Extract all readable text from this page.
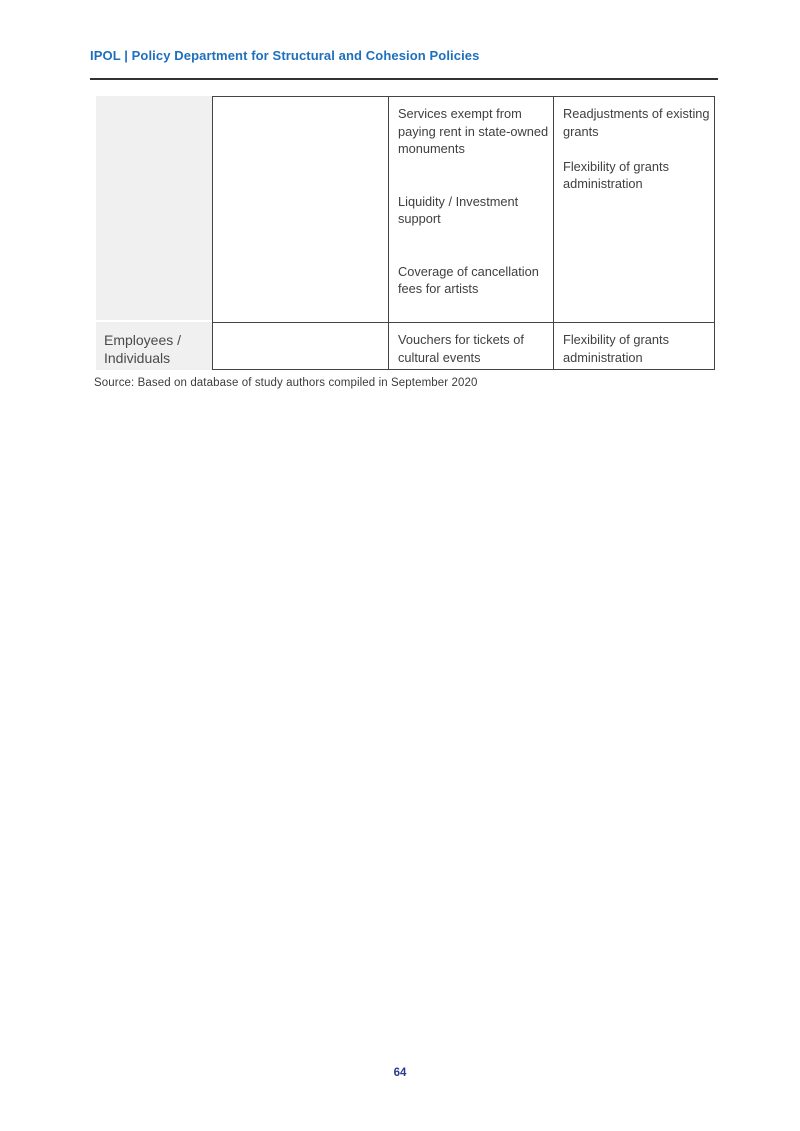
IPOL | Policy Department for Structural and Cohesion Policies

Services exempt from paying rent in state-owned monuments

Liquidity / Investment support

Coverage of cancellation fees for artists

Readjustments of existing grants

Flexibility of grants administration

Employees / Individuals

Vouchers for tickets of cultural events

Flexibility of grants administration

Source: Based on database of study authors compiled in September 2020
64
